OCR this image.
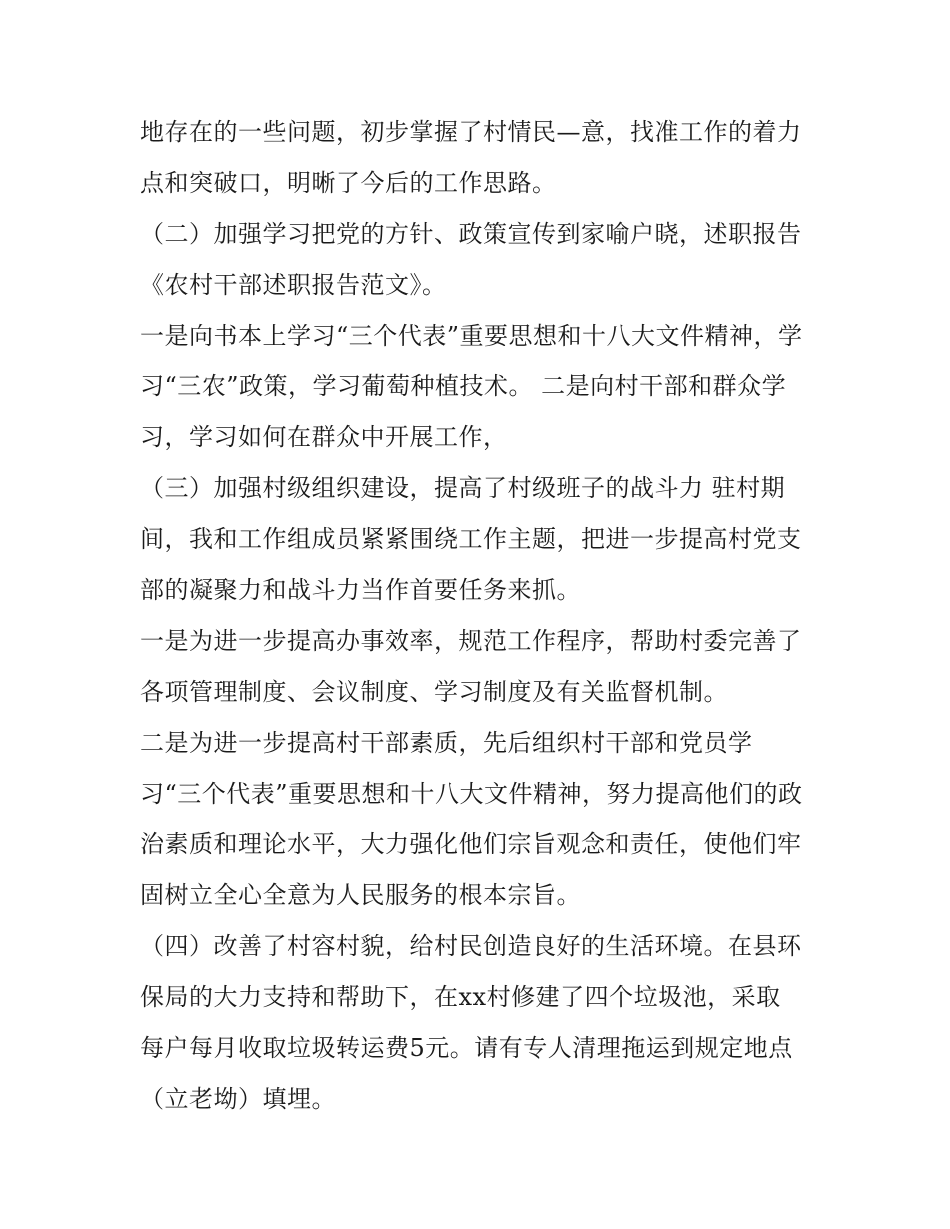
地存在的一些问题，初步掌握了村情民—意，找准工作的着力
点和突破口，明晰了今后的工作思路。
（二）加强学习把党的方针、政策宣传到家喻户晓，述职报告
《农村干部述职报告范文》。
一是向书本上学习“三个代表”重要思想和十八大文件精神，学
习“三农”政策，学习葡萄种植技术。 二是向村干部和群众学
习，学习如何在群众中开展工作，
（三）加强村级组织建设，提高了村级班子的战斗力 驻村期
间，我和工作组成员紧紧围绕工作主题，把进一步提高村党支
部的凝聚力和战斗力当作首要任务来抓。
一是为进一步提高办事效率，规范工作程序，帮助村委完善了
各项管理制度、会议制度、学习制度及有关监督机制。
二是为进一步提高村干部素质，先后组织村干部和党员学
习“三个代表”重要思想和十八大文件精神，努力提高他们的政
治素质和理论水平，大力强化他们宗旨观念和责任，使他们牢
固树立全心全意为人民服务的根本宗旨。
（四）改善了村容村貌，给村民创造良好的生活环境。在县环
保局的大力支持和帮助下，在xx村修建了四个垃圾池，采取
每户每月收取垃圾转运费5元。请有专人清理拖运到规定地点
（立老坳）填埋。
